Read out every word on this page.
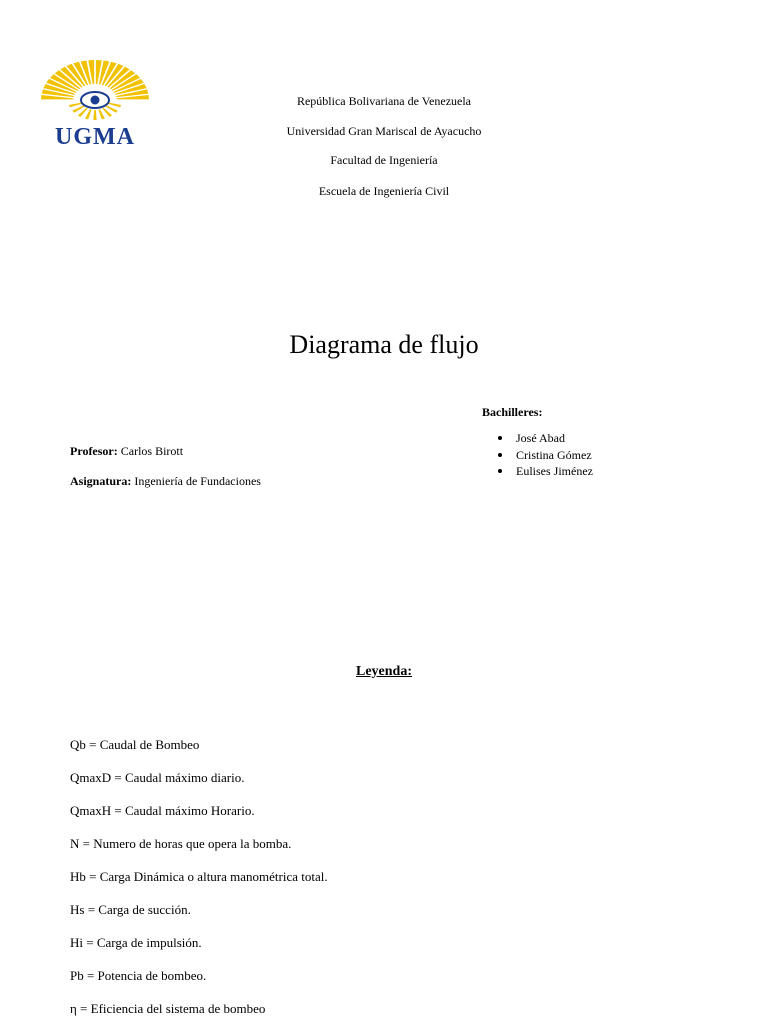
UGMA
República Bolivariana de Venezuela
Universidad Gran Mariscal de Ayacucho
Facultad de Ingeniería
Escuela de Ingeniería Civil
Diagrama de flujo
Bachilleres:
José Abad
Cristina Gómez
Eulises Jiménez
Profesor: Carlos Birott
Asignatura: Ingeniería de Fundaciones
Leyenda:
Qb = Caudal de Bombeo
QmaxD = Caudal máximo diario.
QmaxH = Caudal máximo Horario.
N = Numero de horas que opera la bomba.
Hb = Carga Dinámica o altura manométrica total.
Hs = Carga de succión.
Hi = Carga de impulsión.
Pb = Potencia de bombeo.
η = Eficiencia del sistema de bombeo
